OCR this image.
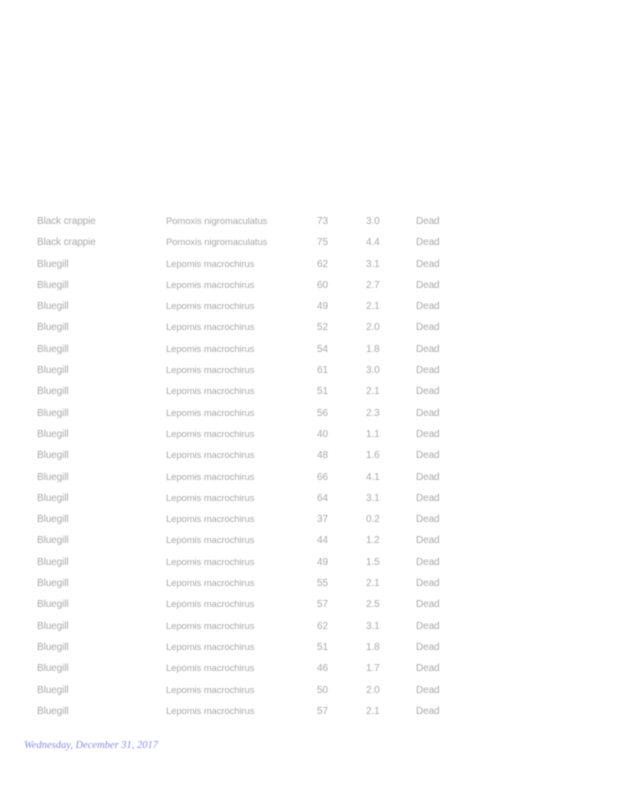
Black crappie	Pomoxis nigromaculatus	73	3.0	Dead
Black crappie	Pomoxis nigromaculatus	75	4.4	Dead
Bluegill	Lepomis macrochirus	62	3.1	Dead
Bluegill	Lepomis macrochirus	60	2.7	Dead
Bluegill	Lepomis macrochirus	49	2.1	Dead
Bluegill	Lepomis macrochirus	52	2.0	Dead
Bluegill	Lepomis macrochirus	54	1.8	Dead
Bluegill	Lepomis macrochirus	61	3.0	Dead
Bluegill	Lepomis macrochirus	51	2.1	Dead
Bluegill	Lepomis macrochirus	56	2.3	Dead
Bluegill	Lepomis macrochirus	40	1.1	Dead
Bluegill	Lepomis macrochirus	48	1.6	Dead
Bluegill	Lepomis macrochirus	66	4.1	Dead
Bluegill	Lepomis macrochirus	64	3.1	Dead
Bluegill	Lepomis macrochirus	37	0.2	Dead
Bluegill	Lepomis macrochirus	44	1.2	Dead
Bluegill	Lepomis macrochirus	49	1.5	Dead
Bluegill	Lepomis macrochirus	55	2.1	Dead
Bluegill	Lepomis macrochirus	57	2.5	Dead
Bluegill	Lepomis macrochirus	62	3.1	Dead
Bluegill	Lepomis macrochirus	51	1.8	Dead
Bluegill	Lepomis macrochirus	46	1.7	Dead
Bluegill	Lepomis macrochirus	50	2.0	Dead
Bluegill	Lepomis macrochirus	57	2.1	Dead
Wednesday, December 31, 2017
